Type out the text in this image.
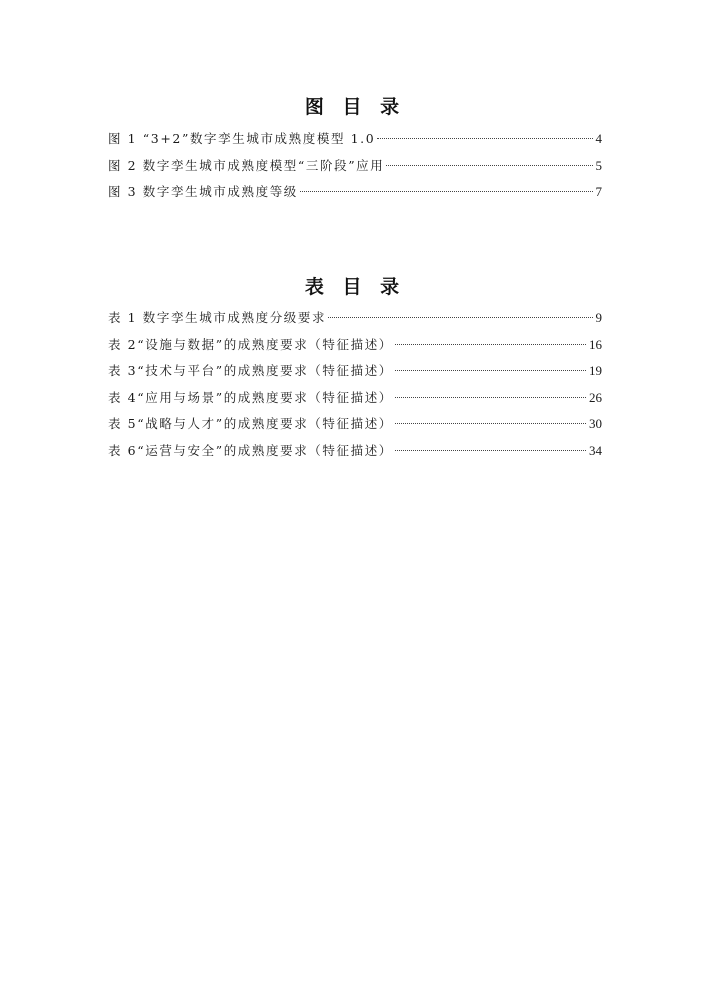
图 目 录
图 1 “3+2”数字孪生城市成熟度模型 1.0	4
图 2 数字孪生城市成熟度模型“三阶段”应用	5
图 3 数字孪生城市成熟度等级	7
表 目 录
表 1 数字孪生城市成熟度分级要求	9
表 2“设施与数据”的成熟度要求（特征描述）	16
表 3“技术与平台”的成熟度要求（特征描述）	19
表 4“应用与场景”的成熟度要求（特征描述）	26
表 5“战略与人才”的成熟度要求（特征描述）	30
表 6“运营与安全”的成熟度要求（特征描述）	34
